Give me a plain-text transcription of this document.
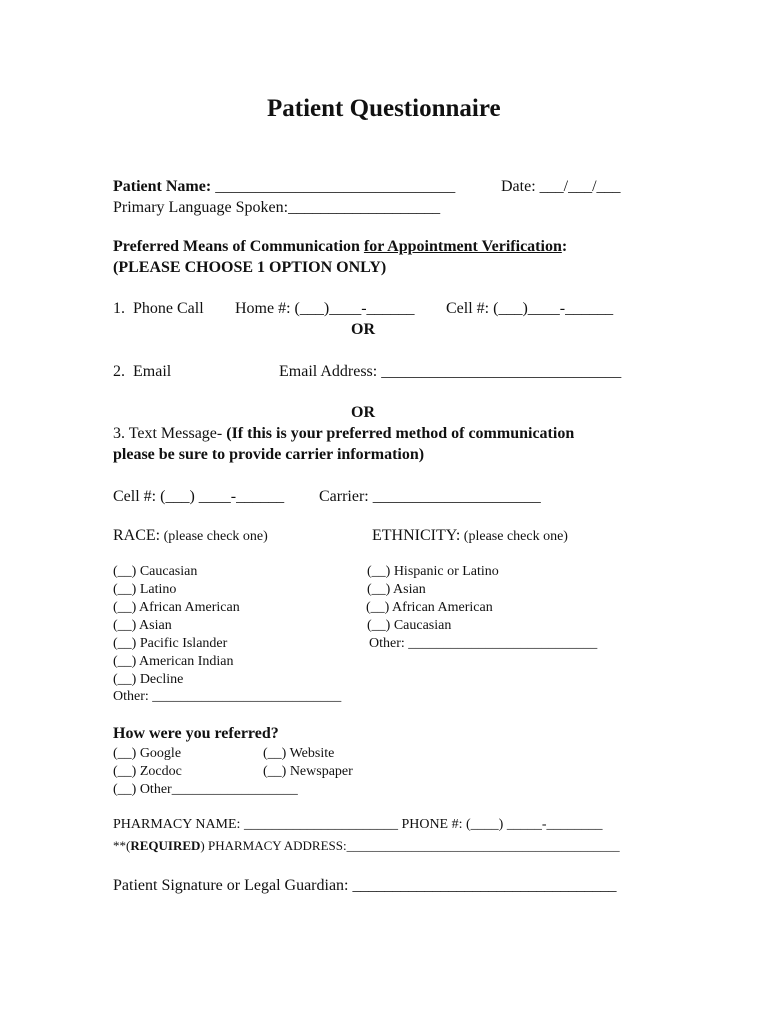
Patient Questionnaire
Patient Name: ______________________________	Date: ___/___/___
Primary Language Spoken:___________________
Preferred Means of Communication for Appointment Verification:
(PLEASE CHOOSE 1 OPTION ONLY)
1.  Phone Call Home #: (___)____-______ Cell #: (___)____-______
OR
2.  Email	Email Address: ______________________________
OR
3. Text Message- (If this is your preferred method of communication
please be sure to provide carrier information)
Cell #: (___) ____-______ Carrier: _____________________
RACE: (please check one)	ETHNICITY: (please check one)
(__) Caucasian
(__) Latino
(__) African American
(__) Asian
(__) Pacific Islander
(__) American Indian
(__) Decline
Other: ___________________________
(__) Hispanic or Latino
(__) Asian
(__) African American
(__) Caucasian
Other: ___________________________
How were you referred?
(__) Google	(__) Website
(__) Zocdoc	(__) Newspaper
(__) Other__________________
PHARMACY NAME: ______________________ PHONE #: (____) _____-________
**(REQUIRED) PHARMACY ADDRESS:__________________________________________
Patient Signature or Legal Guardian: _________________________________
